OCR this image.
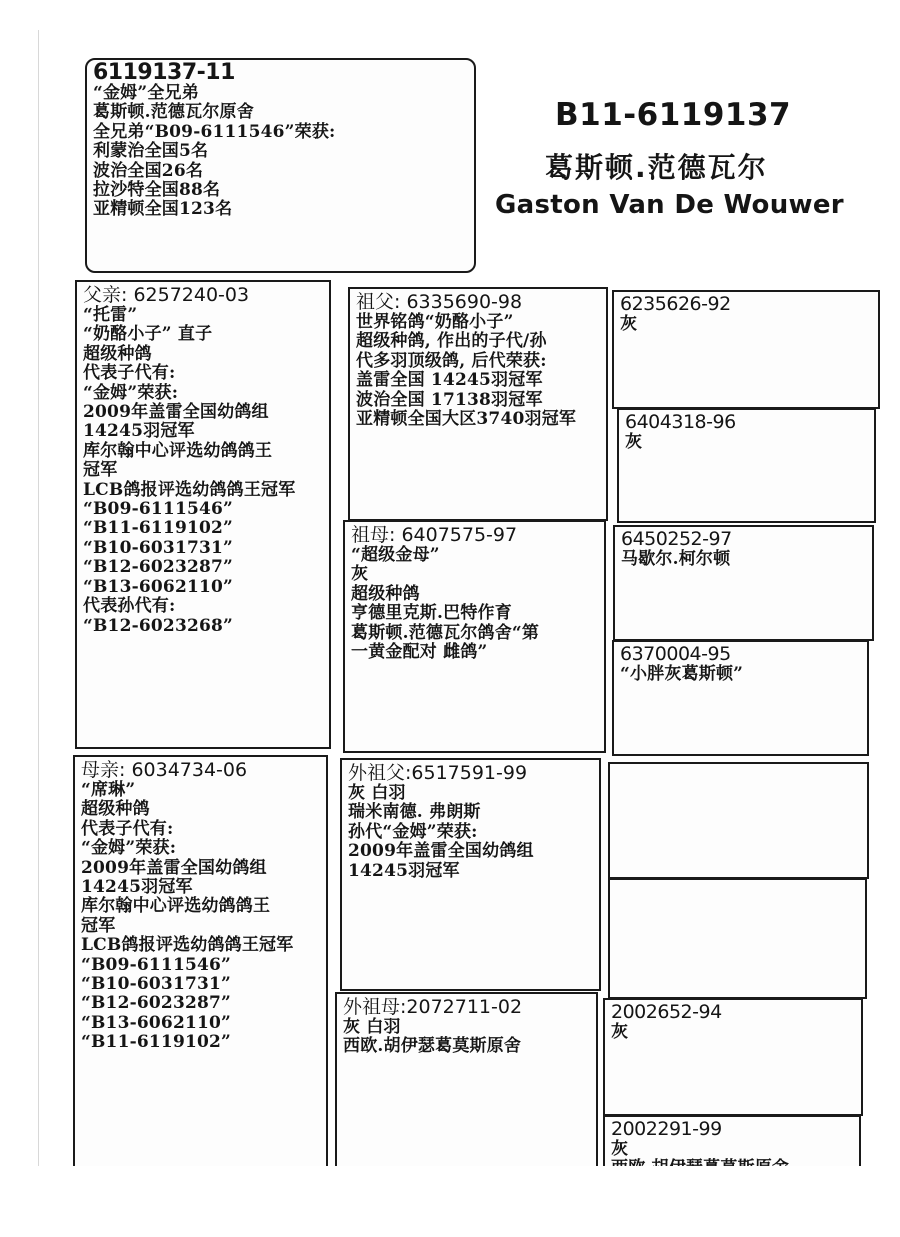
6119137-11
“金姆”全兄弟
葛斯顿.范德瓦尔原舍
全兄弟“B09-6111546”荣获:
利蒙治全国5名
波治全国26名
拉沙特全国88名
亚精顿全国123名
B11-6119137
葛斯顿.范德瓦尔
Gaston Van De Wouwer
父亲: 6257240-03
“托雷”
“奶酪小子” 直子
超级种鸽
代表子代有:
“金姆”荣获:
2009年盖雷全国幼鸽组
14245羽冠军
库尔翰中心评选幼鸽鸽王
冠军
LCB鸽报评选幼鸽鸽王冠军
“B09-6111546”
“B11-6119102”
“B10-6031731”
“B12-6023287”
“B13-6062110”
代表孙代有:
“B12-6023268”
祖父: 6335690-98
世界铭鸽“奶酪小子”
超级种鸽, 作出的子代/孙
代多羽顶级鸽, 后代荣获:
盖雷全国 14245羽冠军
波治全国 17138羽冠军
亚精顿全国大区3740羽冠军
祖母: 6407575-97
“超级金母”
灰
超级种鸽
亨德里克斯.巴特作育
葛斯顿.范德瓦尔鸽舍“第
一黄金配对 雌鸽”
母亲: 6034734-06
“席琳”
超级种鸽
代表子代有:
“金姆”荣获:
2009年盖雷全国幼鸽组
14245羽冠军
库尔翰中心评选幼鸽鸽王
冠军
LCB鸽报评选幼鸽鸽王冠军
“B09-6111546”
“B10-6031731”
“B12-6023287”
“B13-6062110”
“B11-6119102”
外祖父:6517591-99
灰 白羽
瑞米南德. 弗朗斯
孙代“金姆”荣获:
2009年盖雷全国幼鸽组
14245羽冠军
外祖母:2072711-02
灰 白羽
西欧.胡伊瑟葛莫斯原舍
6235626-92
灰
6404318-96
灰
6450252-97
马歇尔.柯尔顿
6370004-95
“小胖灰葛斯顿”
2002652-94
灰
2002291-99
灰
